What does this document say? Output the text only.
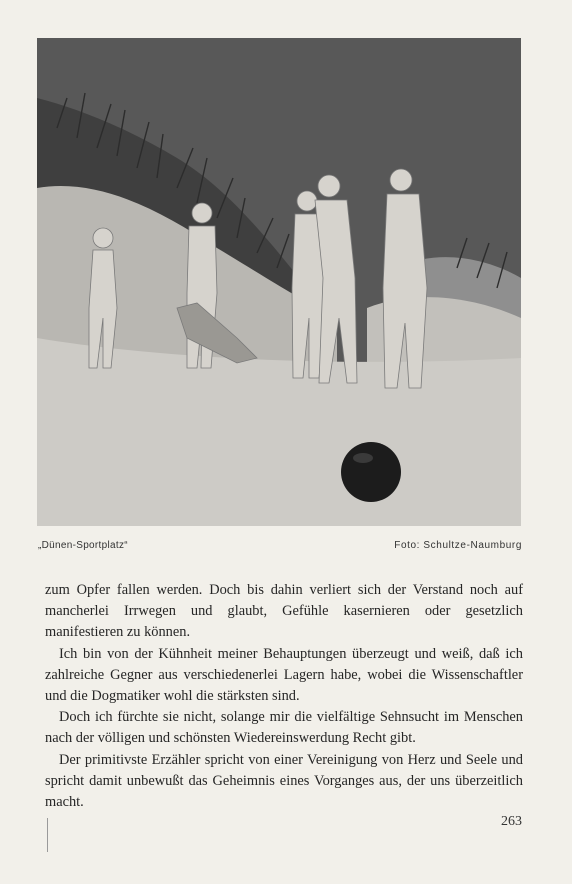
„Dünen-Sportplatz“	Foto: Schultze-Naumburg

zum Opfer fallen werden. Doch bis dahin verliert sich der Verstand noch auf mancherlei Irrwegen und glaubt, Gefühle kasernieren oder gesetzlich manifestieren zu können.

Ich bin von der Kühnheit meiner Behauptungen überzeugt und weiß, daß ich zahlreiche Gegner aus verschiedenerlei Lagern habe, wobei die Wissenschaftler und die Dogmatiker wohl die stärksten sind.

Doch ich fürchte sie nicht, solange mir die vielfältige Sehnsucht im Menschen nach der völligen und schönsten Wiedereinswerdung Recht gibt.

Der primitivste Erzähler spricht von einer Vereinigung von Herz und Seele und spricht damit unbewußt das Geheimnis eines Vorganges aus, der uns überzeitlich macht.

263
